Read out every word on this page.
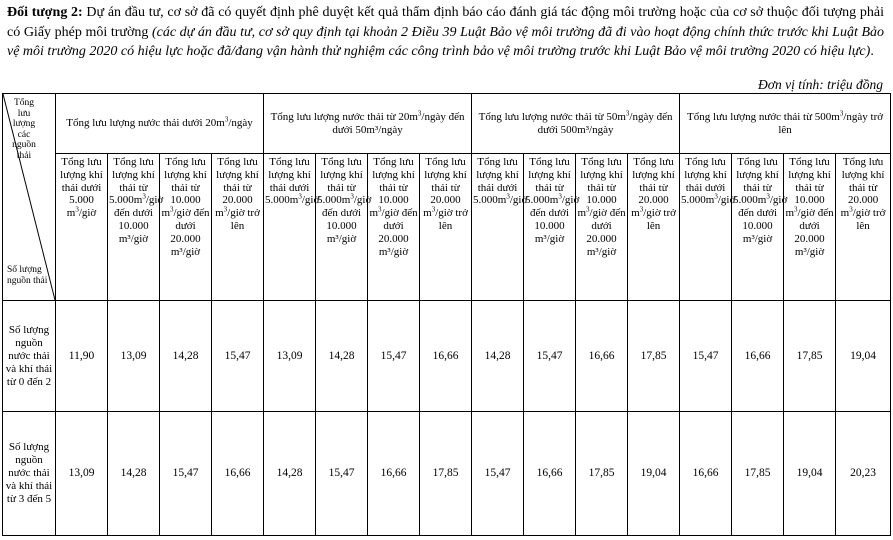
Đối tượng 2: Dự án đầu tư, cơ sở đã có quyết định phê duyệt kết quả thẩm định báo cáo đánh giá tác động môi trường hoặc của cơ sở thuộc đối tượng phải có Giấy phép môi trường (các dự án đầu tư, cơ sở quy định tại khoản 2 Điều 39 Luật Bảo vệ môi trường đã đi vào hoạt động chính thức trước khi Luật Bảo vệ môi trường 2020 có hiệu lực hoặc đã/đang vận hành thử nghiệm các công trình bảo vệ môi trường trước khi Luật Bảo vệ môi trường 2020 có hiệu lực).
Đơn vị tính: triệu đồng
Tổng lưu lượng các nguồn thải
Số lượng nguồn thải	Tổng lưu lượng nước thải dưới $20m^3$/ngày				Tổng lưu lượng nước thải từ $20m^3$/ngày đến dưới 50m³/ngày				Tổng lưu lượng nước thải từ $50m^3$/ngày đến dưới 500m³/ngày				Tổng lưu lượng nước thải từ $500m^3$/ngày trở lên			
	Tổng lưu lượng khí thải dưới 5.000 $m^3$/giờ	Tổng lưu lượng khí thải từ $5.000m^3$/giờ đến dưới 10.000 m³/giờ	Tổng lưu lượng khí thải từ 10.000 $m^3$/giờ đến dưới 20.000 m³/giờ	Tổng lưu lượng khí thải từ 20.000 $m^3$/giờ trở lên	Tổng lưu lượng khí thải dưới $5.000m^3$/giờ	Tổng lưu lượng khí thải từ $5.000m^3$/giờ đến dưới 10.000 m³/giờ	Tổng lưu lượng khí thải từ 10.000 $m^3$/giờ đến dưới 20.000 m³/giờ	Tổng lưu lượng khí thải từ 20.000 $m^3$/giờ trở lên	Tổng lưu lượng khí thải dưới $5.000m^3$/giờ	Tổng lưu lượng khí thải từ $5.000m^3$/giờ đến dưới 10.000 m³/giờ	Tổng lưu lượng khí thải từ 10.000 $m^3$/giờ đến dưới 20.000 m³/giờ	Tổng lưu lượng khí thải từ 20.000 $m^3$/giờ trở lên	Tổng lưu lượng khí thải dưới $5.000m^3$/giờ	Tổng lưu lượng khí thải từ $5.000m^3$/giờ đến dưới 10.000 m³/giờ	Tổng lưu lượng khí thải từ 10.000 $m^3$/giờ đến dưới 20.000 m³/giờ	Tổng lưu lượng khí thải từ 20.000 $m^3$/giờ trở lên
Số lượng nguồn nước thải và khí thải từ 0 đến 2	11,90	13,09	14,28	15,47	13,09	14,28	15,47	16,66	14,28	15,47	16,66	17,85	15,47	16,66	17,85	19,04
Số lượng nguồn nước thải và khí thải từ 3 đến 5	13,09	14,28	15,47	16,66	14,28	15,47	16,66	17,85	15,47	16,66	17,85	19,04	16,66	17,85	19,04	20,23
